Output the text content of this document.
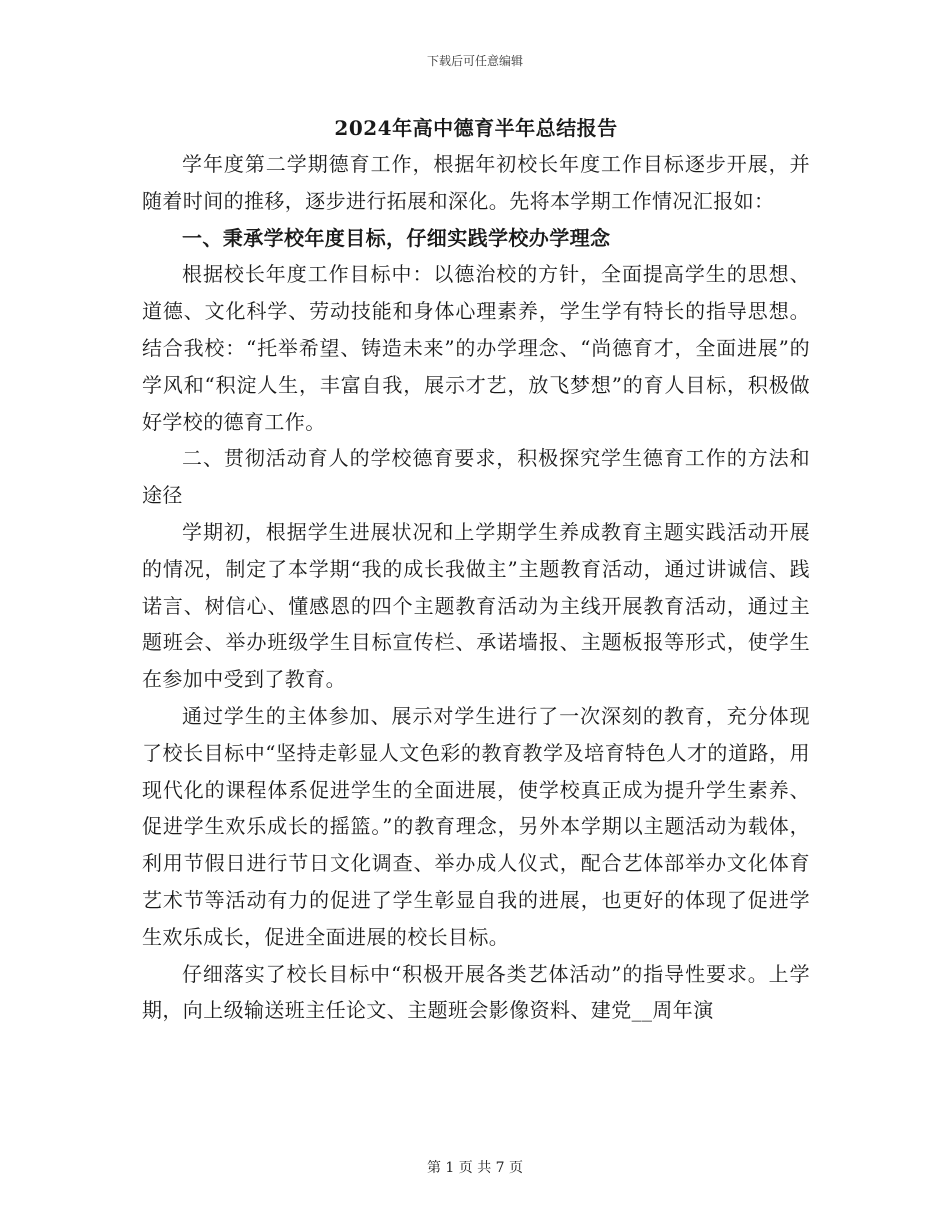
下载后可任意编辑
2024年高中德育半年总结报告

学年度第二学期德育工作，根据年初校长年度工作目标逐步开展，并随着时间的推移，逐步进行拓展和深化。先将本学期工作情况汇报如：

一、秉承学校年度目标，仔细实践学校办学理念

根据校长年度工作目标中：以德治校的方针，全面提高学生的思想、道德、文化科学、劳动技能和身体心理素养，学生学有特长的指导思想。结合我校：“托举希望、铸造未来”的办学理念、“尚德育才，全面进展”的学风和“积淀人生，丰富自我，展示才艺，放飞梦想”的育人目标，积极做好学校的德育工作。

二、贯彻活动育人的学校德育要求，积极探究学生德育工作的方法和途径

学期初，根据学生进展状况和上学期学生养成教育主题实践活动开展的情况，制定了本学期“我的成长我做主”主题教育活动，通过讲诚信、践诺言、树信心、懂感恩的四个主题教育活动为主线开展教育活动，通过主题班会、举办班级学生目标宣传栏、承诺墙报、主题板报等形式，使学生在参加中受到了教育。

通过学生的主体参加、展示对学生进行了一次深刻的教育，充分体现了校长目标中“坚持走彰显人文色彩的教育教学及培育特色人才的道路，用现代化的课程体系促进学生的全面进展，使学校真正成为提升学生素养、促进学生欢乐成长的摇篮。”的教育理念，另外本学期以主题活动为载体，利用节假日进行节日文化调查、举办成人仪式，配合艺体部举办文化体育艺术节等活动有力的促进了学生彰显自我的进展，也更好的体现了促进学生欢乐成长，促进全面进展的校长目标。

仔细落实了校长目标中“积极开展各类艺体活动”的指导性要求。上学期，向上级输送班主任论文、主题班会影像资料、建党__周年演

第 1 页 共 7 页
